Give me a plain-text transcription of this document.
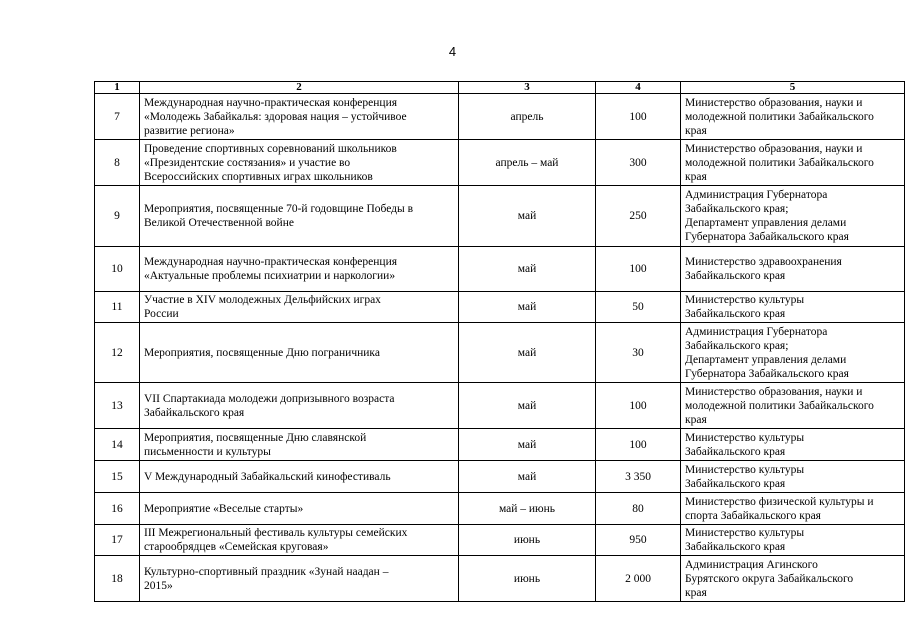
4
1	2	3	4	5
7	Международная научно-практическая конференция
«Молодежь Забайкалья: здоровая нация – устойчивое
развитие региона»	апрель	100	Министерство образования, науки и
молодежной политики Забайкальского
края

8	Проведение спортивных соревнований школьников
«Президентские состязания» и участие во
Всероссийских спортивных играх школьников	апрель – май	300	Министерство образования, науки и
молодежной политики Забайкальского
края

9	Мероприятия, посвященные 70-й годовщине Победы в
Великой Отечественной войне	май	250	Администрация Губернатора
Забайкальского края;
Департамент управления делами
Губернатора Забайкальского края

10	Международная научно-практическая конференция
«Актуальные проблемы психиатрии и наркологии»	май	100	Министерство здравоохранения
Забайкальского края

11	Участие в XIV молодежных Дельфийских играх
России	май	50	Министерство культуры
Забайкальского края

12	Мероприятия, посвященные Дню пограничника	май	30	Администрация Губернатора
Забайкальского края;
Департамент управления делами
Губернатора Забайкальского края

13	VII Спартакиада молодежи допризывного возраста
Забайкальского края	май	100	Министерство образования, науки и
молодежной политики Забайкальского
края

14	Мероприятия, посвященные Дню славянской
письменности и культуры	май	100	Министерство культуры
Забайкальского края

15	V Международный Забайкальский кинофестиваль	май	3 350	Министерство культуры
Забайкальского края

16	Мероприятие «Веселые старты»	май – июнь	80	Министерство физической культуры и
спорта Забайкальского края

17	III Межрегиональный фестиваль культуры семейских
старообрядцев «Семейская круговая»	июнь	950	Министерство культуры
Забайкальского края

18	Культурно-спортивный праздник «Зунай наадан –
2015»	июнь	2 000	Администрация Агинского
Бурятского округа Забайкальского
края
